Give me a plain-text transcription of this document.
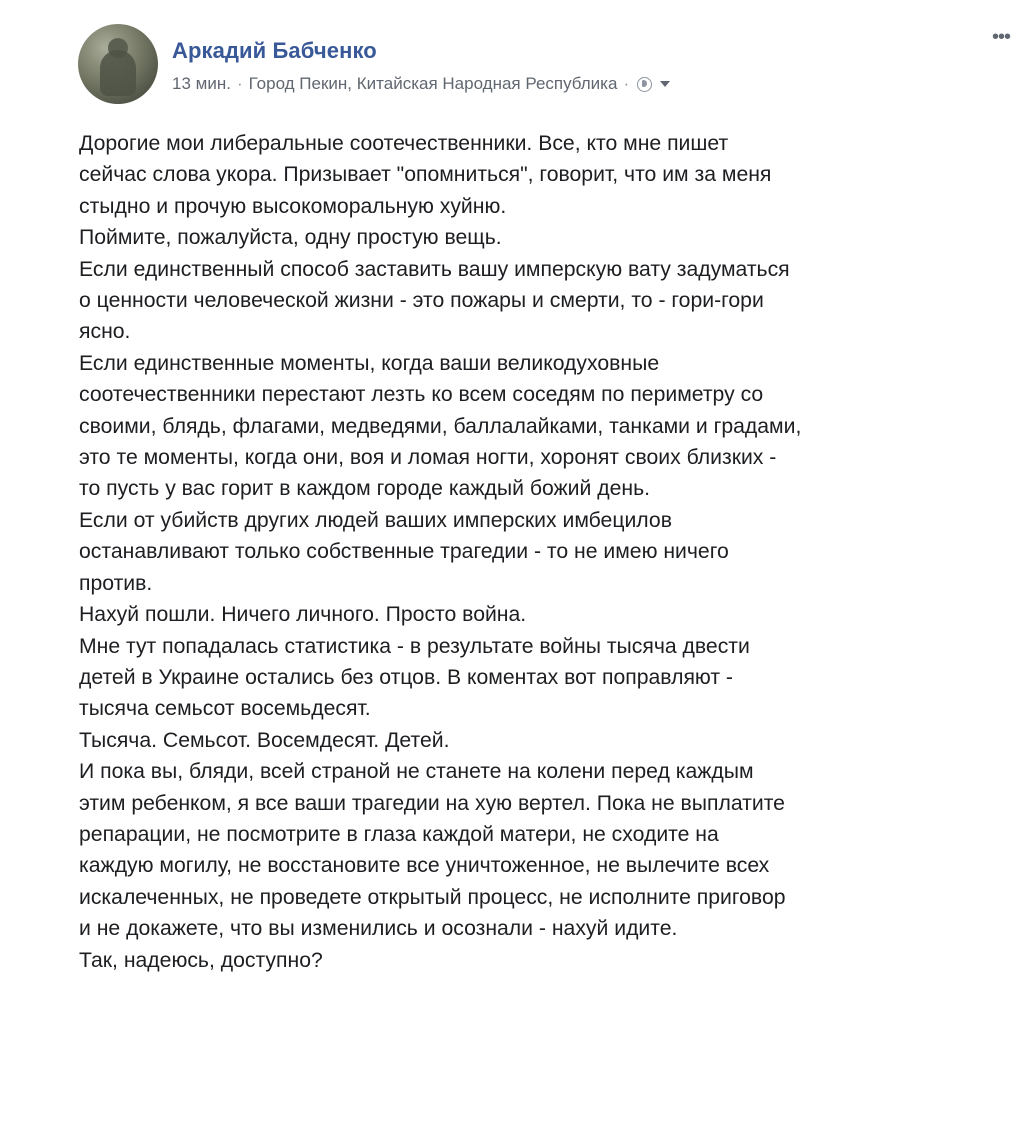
Аркадий Бабченко
13 мин. · Город Пекин, Китайская Народная Республика ·
•••
Дорогие мои либеральные соотечественники. Все, кто мне пишет
сейчас слова укора. Призывает "опомниться", говорит, что им за меня
стыдно и прочую высокоморальную хуйню.
Поймите, пожалуйста, одну простую вещь.
Если единственный способ заставить вашу имперскую вату задуматься
о ценности человеческой жизни - это пожары и смерти, то - гори-гори
ясно.
Если единственные моменты, когда ваши великодуховные
соотечественники перестают лезть ко всем соседям по периметру со
своими, блядь, флагами, медведями, баллалайками, танками и градами,
это те моменты, когда они, воя и ломая ногти, хоронят своих близких -
то пусть у вас горит в каждом городе каждый божий день.
Если от убийств других людей ваших имперских имбецилов
останавливают только собственные трагедии - то не имею ничего
против.
Нахуй пошли. Ничего личного. Просто война.
Мне тут попадалась статистика - в результате войны тысяча двести
детей в Украине остались без отцов. В коментах вот поправляют -
тысяча семьсот восемьдесят.
Тысяча. Семьсот. Восемдесят. Детей.
И пока вы, бляди, всей страной не станете на колени перед каждым
этим ребенком, я все ваши трагедии на хую вертел. Пока не выплатите
репарации, не посмотрите в глаза каждой матери, не сходите на
каждую могилу, не восстановите все уничтоженное, не вылечите всех
искалеченных, не проведете открытый процесс, не исполните приговор
и не докажете, что вы изменились и осознали - нахуй идите.
Так, надеюсь, доступно?
